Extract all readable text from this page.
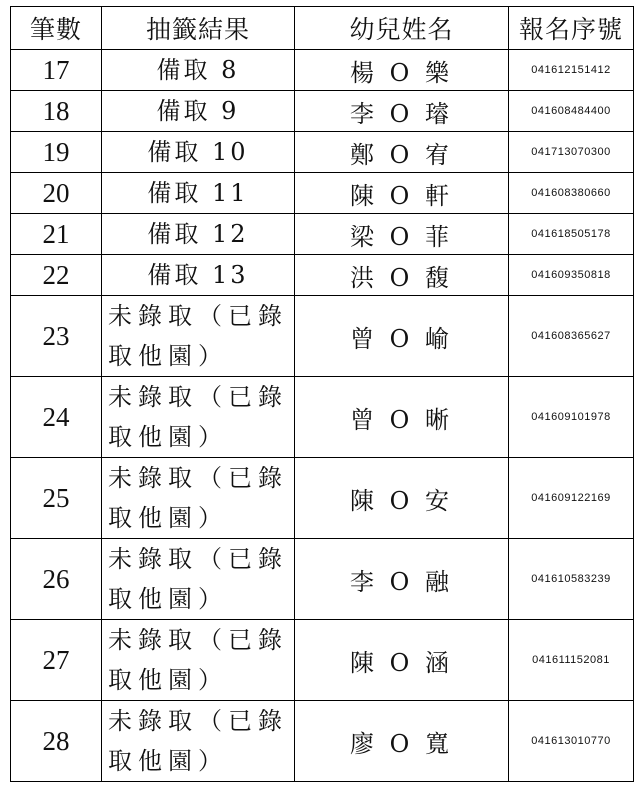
筆數	抽籤結果	幼兒姓名	報名序號
17	備取 8	楊 O 樂	041612151412
18	備取 9	李 O 璿	041608484400
19	備取 10	鄭 O 宥	041713070300
20	備取 11	陳 O 軒	041608380660
21	備取 12	梁 O 菲	041618505178
22	備取 13	洪 O 馥	041609350818
23	未錄取（已錄取他園）	曾 O 崳	041608365627
24	未錄取（已錄取他園）	曾 O 晰	041609101978
25	未錄取（已錄取他園）	陳 O 安	041609122169
26	未錄取（已錄取他園）	李 O 融	041610583239
27	未錄取（已錄取他園）	陳 O 涵	041611152081
28	未錄取（已錄取他園）	廖 O 寬	041613010770
